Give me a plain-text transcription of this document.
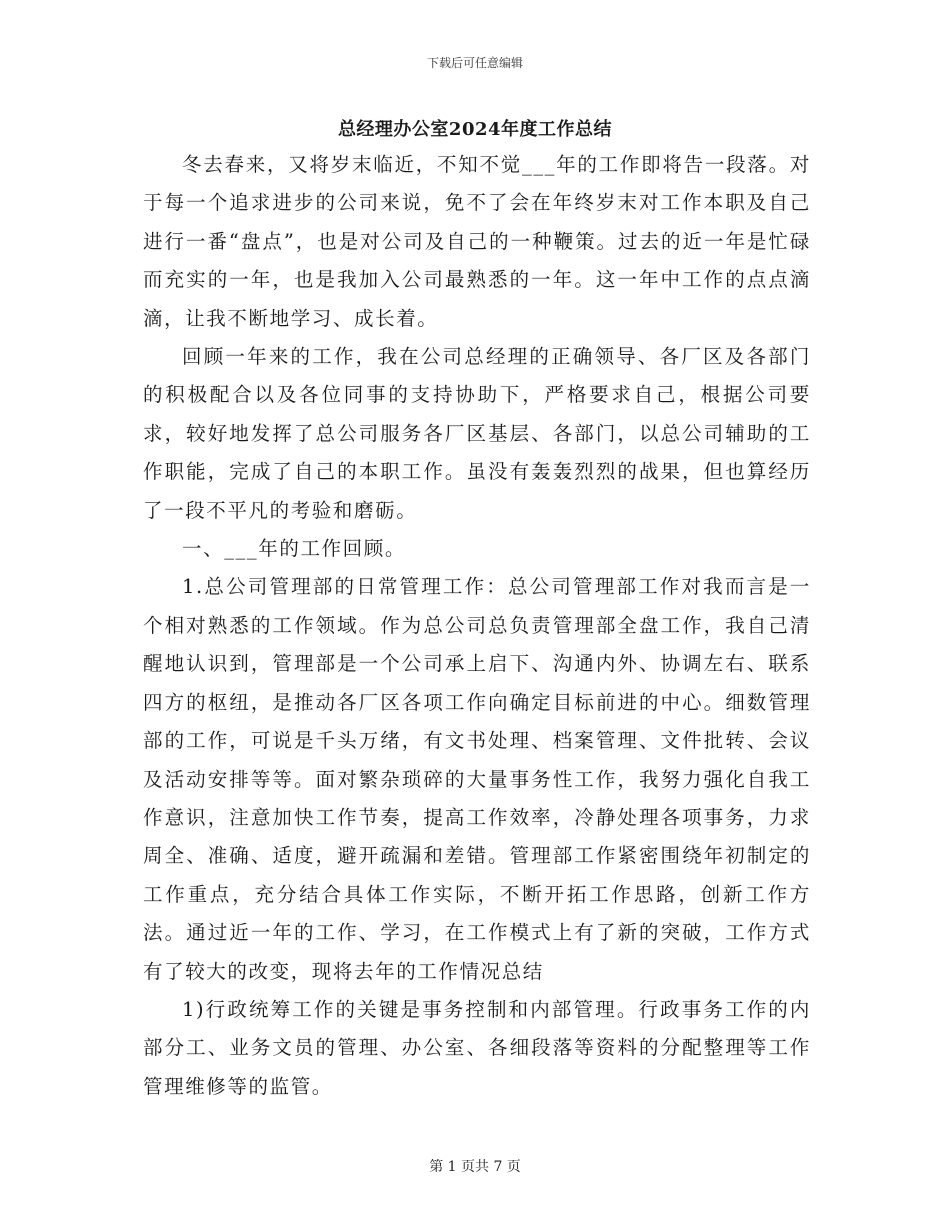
下载后可任意编辑
总经理办公室2024年度工作总结

冬去春来，又将岁末临近，不知不觉___年的工作即将告一段落。对于每一个追求进步的公司来说，免不了会在年终岁末对工作本职及自己进行一番“盘点”，也是对公司及自己的一种鞭策。过去的近一年是忙碌而充实的一年，也是我加入公司最熟悉的一年。这一年中工作的点点滴滴，让我不断地学习、成长着。

回顾一年来的工作，我在公司总经理的正确领导、各厂区及各部门的积极配合以及各位同事的支持协助下，严格要求自己，根据公司要求，较好地发挥了总公司服务各厂区基层、各部门，以总公司辅助的工作职能，完成了自己的本职工作。虽没有轰轰烈烈的战果，但也算经历了一段不平凡的考验和磨砺。

一、___年的工作回顾。

1.总公司管理部的日常管理工作：总公司管理部工作对我而言是一个相对熟悉的工作领域。作为总公司总负责管理部全盘工作，我自己清醒地认识到，管理部是一个公司承上启下、沟通内外、协调左右、联系四方的枢纽，是推动各厂区各项工作向确定目标前进的中心。细数管理部的工作，可说是千头万绪，有文书处理、档案管理、文件批转、会议及活动安排等等。面对繁杂琐碎的大量事务性工作，我努力强化自我工作意识，注意加快工作节奏，提高工作效率，冷静处理各项事务，力求周全、准确、适度，避开疏漏和差错。管理部工作紧密围绕年初制定的工作重点，充分结合具体工作实际，不断开拓工作思路，创新工作方法。通过近一年的工作、学习，在工作模式上有了新的突破，工作方式有了较大的改变，现将去年的工作情况总结

1)行政统筹工作的关键是事务控制和内部管理。行政事务工作的内部分工、业务文员的管理、办公室、各细段落等资料的分配整理等工作管理维修等的监管。

第 1 页共 7 页
